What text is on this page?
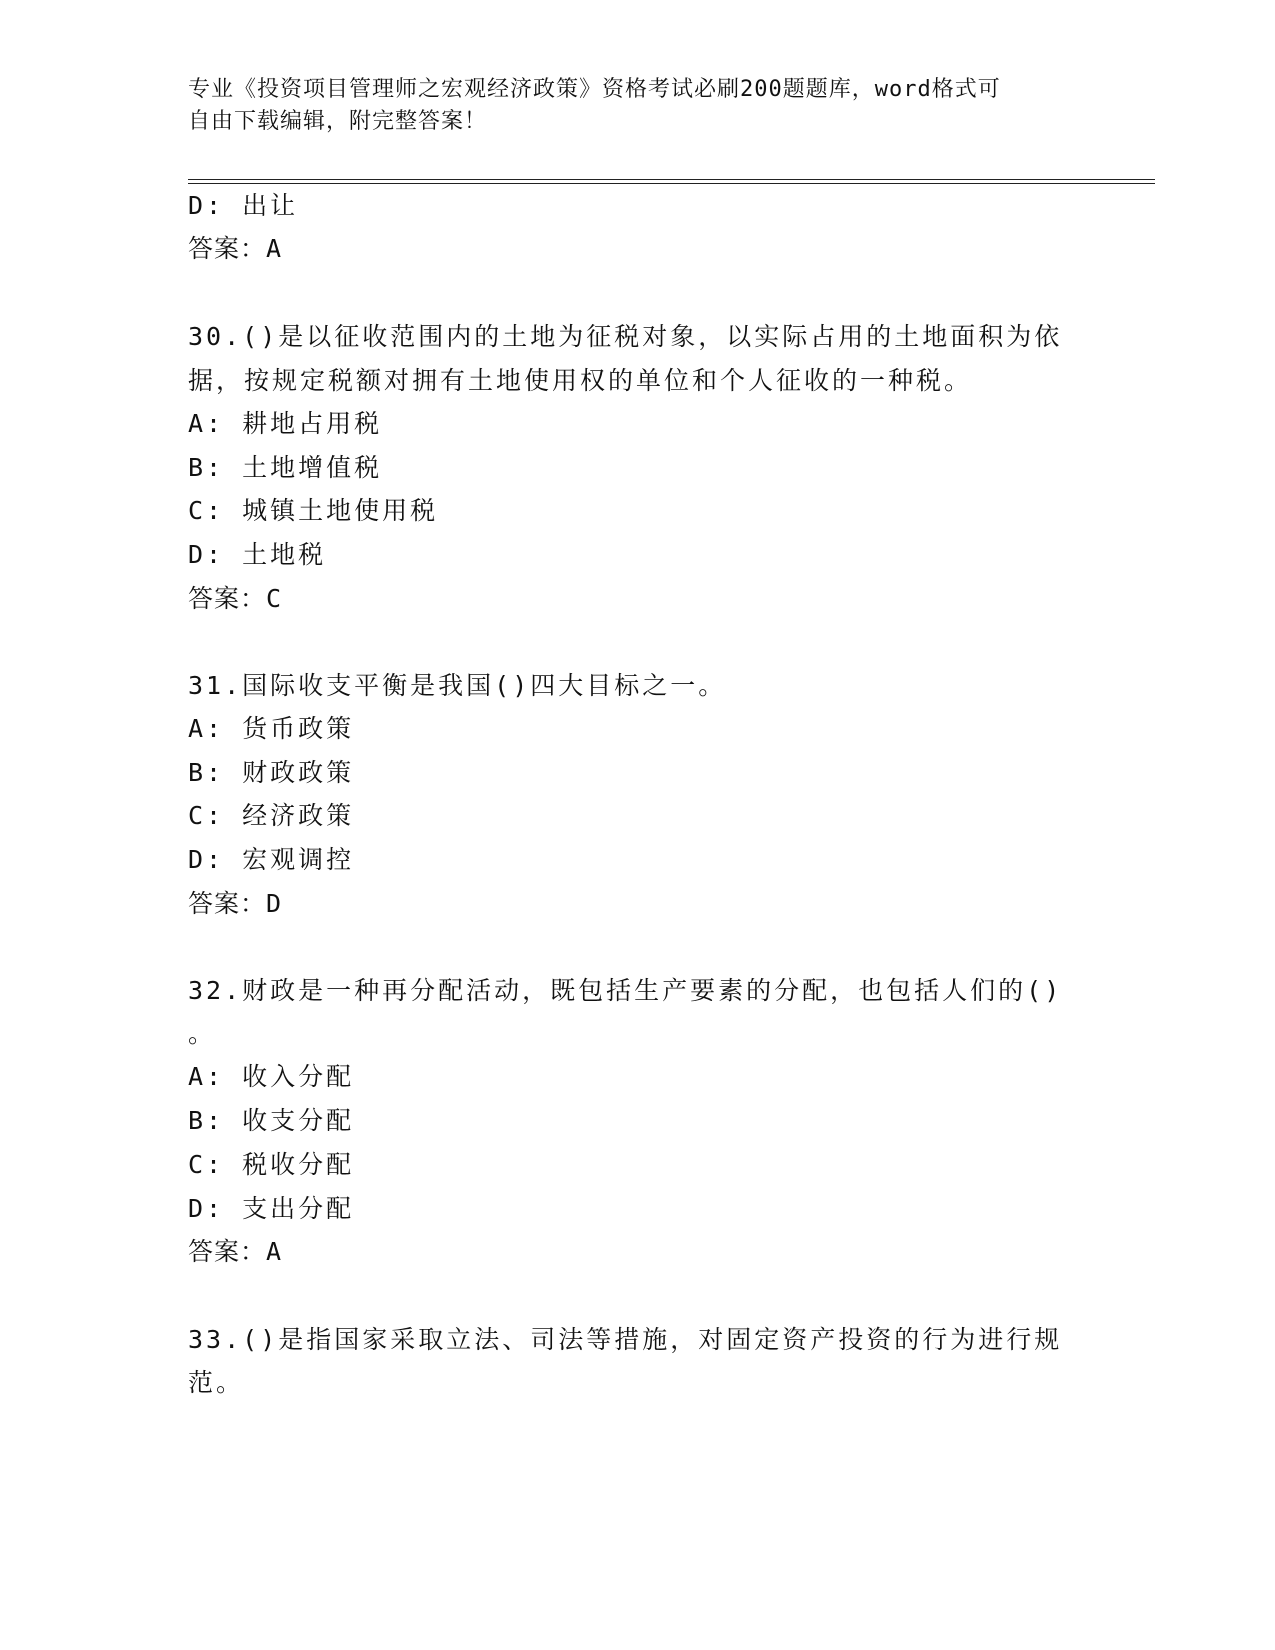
专业《投资项目管理师之宏观经济政策》资格考试必刷200题题库，word格式可
自由下载编辑，附完整答案！
D: 出让
答案：A
30.()是以征收范围内的土地为征税对象，以实际占用的土地面积为依
据，按规定税额对拥有土地使用权的单位和个人征收的一种税。
A: 耕地占用税
B: 土地增值税
C: 城镇土地使用税
D: 土地税
答案：C
31.国际收支平衡是我国()四大目标之一。
A: 货币政策
B: 财政政策
C: 经济政策
D: 宏观调控
答案：D
32.财政是一种再分配活动，既包括生产要素的分配，也包括人们的()
。
A: 收入分配
B: 收支分配
C: 税收分配
D: 支出分配
答案：A
33.()是指国家采取立法、司法等措施，对固定资产投资的行为进行规
范。
